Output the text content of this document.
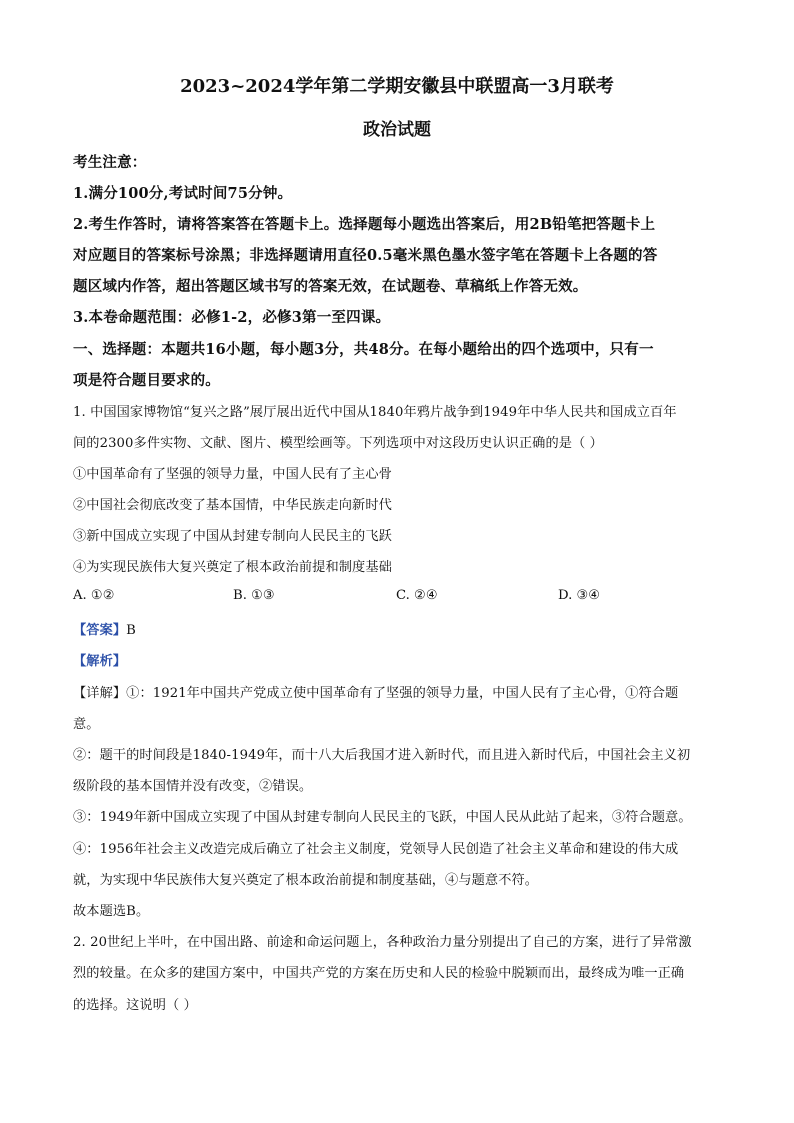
2023~2024学年第二学期安徽县中联盟高一3月联考
政治试题
考生注意：
1.满分100分,考试时间75分钟。
2.考生作答时，请将答案答在答题卡上。选择题每小题选出答案后，用2B铅笔把答题卡上
对应题目的答案标号涂黑；非选择题请用直径0.5毫米黑色墨水签字笔在答题卡上各题的答
题区域内作答，超出答题区域书写的答案无效，在试题卷、草稿纸上作答无效。
3.本卷命题范围：必修1-2，必修3第一至四课。
一、选择题：本题共16小题，每小题3分，共48分。在每小题给出的四个选项中，只有一
项是符合题目要求的。
1. 中国国家博物馆“复兴之路”展厅展出近代中国从1840年鸦片战争到1949年中华人民共和国成立百年
间的2300多件实物、文献、图片、模型绘画等。下列选项中对这段历史认识正确的是（ ）
①中国革命有了坚强的领导力量，中国人民有了主心骨
②中国社会彻底改变了基本国情，中华民族走向新时代
③新中国成立实现了中国从封建专制向人民民主的飞跃
④为实现民族伟大复兴奠定了根本政治前提和制度基础
A. ①②	B. ①③	C. ②④	D. ③④
【答案】B
【解析】
【详解】①：1921年中国共产党成立使中国革命有了坚强的领导力量，中国人民有了主心骨，①符合题
意。
②：题干的时间段是1840-1949年，而十八大后我国才进入新时代，而且进入新时代后，中国社会主义初
级阶段的基本国情并没有改变，②错误。
③：1949年新中国成立实现了中国从封建专制向人民民主的飞跃，中国人民从此站了起来，③符合题意。
④：1956年社会主义改造完成后确立了社会主义制度，党领导人民创造了社会主义革命和建设的伟大成
就，为实现中华民族伟大复兴奠定了根本政治前提和制度基础，④与题意不符。
故本题选B。
2. 20世纪上半叶，在中国出路、前途和命运问题上，各种政治力量分别提出了自己的方案，进行了异常激
烈的较量。在众多的建国方案中，中国共产党的方案在历史和人民的检验中脱颖而出，最终成为唯一正确
的选择。这说明（ ）
